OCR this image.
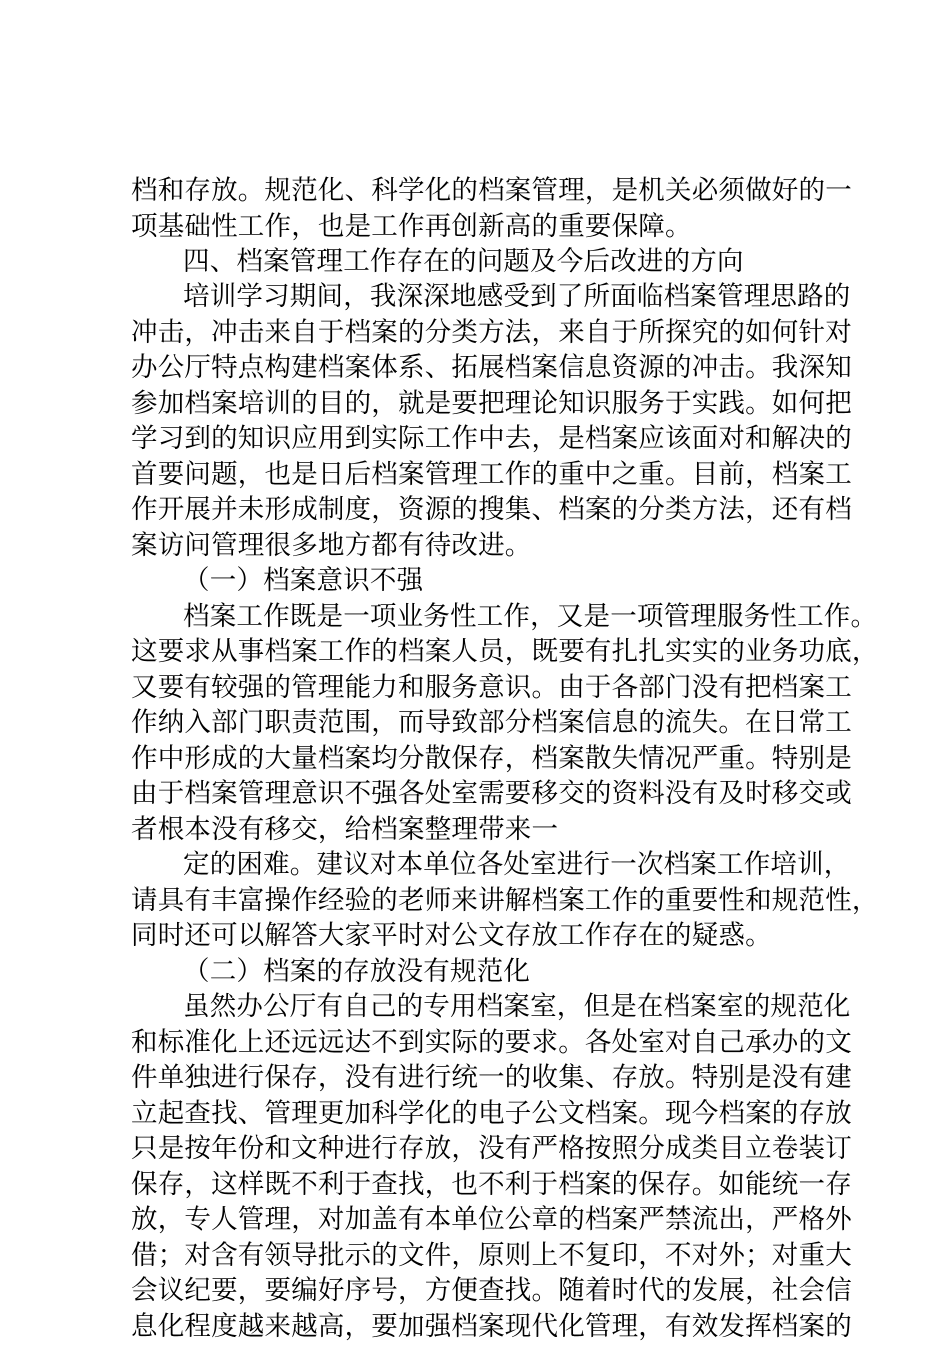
档和存放。规范化、科学化的档案管理，是机关必须做好的一
项基础性工作，也是工作再创新高的重要保障。
四、档案管理工作存在的问题及今后改进的方向
培训学习期间，我深深地感受到了所面临档案管理思路的
冲击，冲击来自于档案的分类方法，来自于所探究的如何针对
办公厅特点构建档案体系、拓展档案信息资源的冲击。我深知
参加档案培训的目的，就是要把理论知识服务于实践。如何把
学习到的知识应用到实际工作中去，是档案应该面对和解决的
首要问题，也是日后档案管理工作的重中之重。目前，档案工
作开展并未形成制度，资源的搜集、档案的分类方法，还有档
案访问管理很多地方都有待改进。
（一）档案意识不强
档案工作既是一项业务性工作，又是一项管理服务性工作。
这要求从事档案工作的档案人员，既要有扎扎实实的业务功底，
又要有较强的管理能力和服务意识。由于各部门没有把档案工
作纳入部门职责范围，而导致部分档案信息的流失。在日常工
作中形成的大量档案均分散保存，档案散失情况严重。特别是
由于档案管理意识不强各处室需要移交的资料没有及时移交或
者根本没有移交，给档案整理带来一
定的困难。建议对本单位各处室进行一次档案工作培训，
请具有丰富操作经验的老师来讲解档案工作的重要性和规范性，
同时还可以解答大家平时对公文存放工作存在的疑惑。
（二）档案的存放没有规范化
虽然办公厅有自己的专用档案室，但是在档案室的规范化
和标准化上还远远达不到实际的要求。各处室对自己承办的文
件单独进行保存，没有进行统一的收集、存放。特别是没有建
立起查找、管理更加科学化的电子公文档案。现今档案的存放
只是按年份和文种进行存放，没有严格按照分成类目立卷装订
保存，这样既不利于查找，也不利于档案的保存。如能统一存
放，专人管理，对加盖有本单位公章的档案严禁流出，严格外
借；对含有领导批示的文件，原则上不复印，不对外；对重大
会议纪要，要编好序号，方便查找。随着时代的发展，社会信
息化程度越来越高，要加强档案现代化管理，有效发挥档案的
